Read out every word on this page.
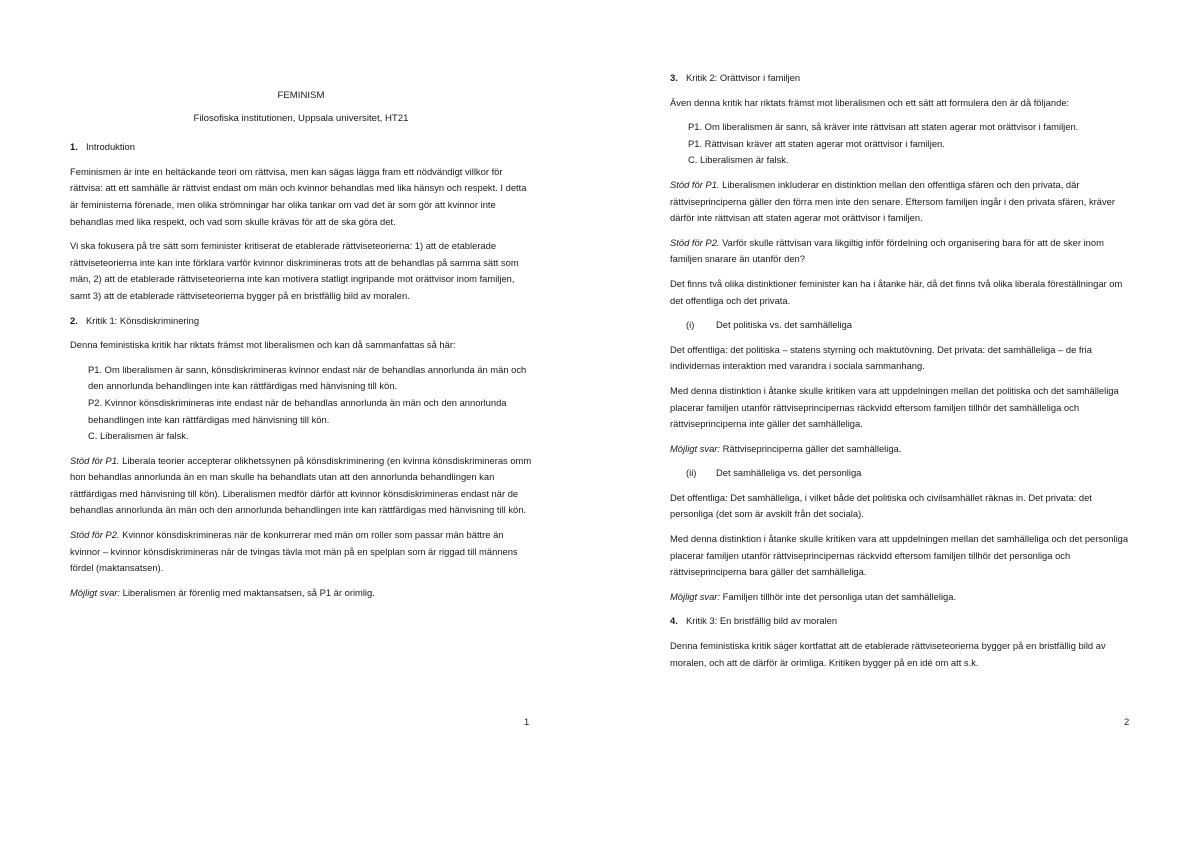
FEMINISM

Filosofiska institutionen, Uppsala universitet, HT21

1. Introduktion

Feminismen är inte en heltäckande teori om rättvisa, men kan sägas lägga fram ett nödvändigt villkor för rättvisa: att ett samhälle är rättvist endast om män och kvinnor behandlas med lika hänsyn och respekt. I detta är feministerna förenade, men olika strömningar har olika tankar om vad det är som gör att kvinnor inte behandlas med lika respekt, och vad som skulle krävas för att de ska göra det.

Vi ska fokusera på tre sätt som feminister kritiserat de etablerade rättviseteorierna: 1) att de etablerade rättviseteorierna inte kan inte förklara varför kvinnor diskrimineras trots att de behandlas på samma sätt som män, 2) att de etablerade rättviseteorierna inte kan motivera statligt ingripande mot orättvisor inom familjen, samt 3) att de etablerade rättviseteorierna bygger på en bristfällig bild av moralen.

2. Kritik 1: Könsdiskriminering

Denna feministiska kritik har riktats främst mot liberalismen och kan då sammanfattas så här:

P1. Om liberalismen är sann, könsdiskrimineras kvinnor endast när de behandlas annorlunda än män och den annorlunda behandlingen inte kan rättfärdigas med hänvisning till kön.
P2. Kvinnor könsdiskrimineras inte endast när de behandlas annorlunda än män och den annorlunda behandlingen inte kan rättfärdigas med hänvisning till kön.
C. Liberalismen är falsk.

Stöd för P1. Liberala teorier accepterar olikhetssynen på könsdiskriminering (en kvinna könsdiskrimineras omm hon behandlas annorlunda än en man skulle ha behandlats utan att den annorlunda behandlingen kan rättfärdigas med hänvisning till kön). Liberalismen medför därför att kvinnor könsdiskrimineras endast när de behandlas annorlunda än män och den annorlunda behandlingen inte kan rättfärdigas med hänvisning till kön.

Stöd för P2. Kvinnor könsdiskrimineras när de konkurrerar med män om roller som passar män bättre än kvinnor – kvinnor könsdiskrimineras när de tvingas tävla mot män på en spelplan som är riggad till männens fördel (maktansatsen).

Möjligt svar: Liberalismen är förenlig med maktansatsen, så P1 är orimlig.

1

3. Kritik 2: Orättvisor i familjen

Även denna kritik har riktats främst mot liberalismen och ett sätt att formulera den är då följande:

P1. Om liberalismen är sann, så kräver inte rättvisan att staten agerar mot orättvisor i familjen.
P1. Rättvisan kräver att staten agerar mot orättvisor i familjen.
C. Liberalismen är falsk.

Stöd för P1. Liberalismen inkluderar en distinktion mellan den offentliga sfären och den privata, där rättviseprinciperna gäller den förra men inte den senare. Eftersom familjen ingår i den privata sfären, kräver därför inte rättvisan att staten agerar mot orättvisor i familjen.

Stöd för P2. Varför skulle rättvisan vara likgiltig inför fördelning och organisering bara för att de sker inom familjen snarare än utanför den?

Det finns två olika distinktioner feminister kan ha i åtanke här, då det finns två olika liberala föreställningar om det offentliga och det privata.

(i) Det politiska vs. det samhälleliga

Det offentliga: det politiska – statens styrning och maktutövning. Det privata: det samhälleliga – de fria individernas interaktion med varandra i sociala sammanhang.

Med denna distinktion i åtanke skulle kritiken vara att uppdelningen mellan det politiska och det samhälleliga placerar familjen utanför rättviseprincipernas räckvidd eftersom familjen tillhör det samhälleliga och rättviseprinciperna inte gäller det samhälleliga.

Möjligt svar: Rättviseprinciperna gäller det samhälleliga.

(ii) Det samhälleliga vs. det personliga

Det offentliga: Det samhälleliga, i vilket både det politiska och civilsamhället räknas in. Det privata: det personliga (det som är avskilt från det sociala).

Med denna distinktion i åtanke skulle kritiken vara att uppdelningen mellan det samhälleliga och det personliga placerar familjen utanför rättviseprincipernas räckvidd eftersom familjen tillhör det personliga och rättviseprinciperna bara gäller det samhälleliga.

Möjligt svar: Familjen tillhör inte det personliga utan det samhälleliga.

4. Kritik 3: En bristfällig bild av moralen

Denna feministiska kritik säger kortfattat att de etablerade rättviseteorierna bygger på en bristfällig bild av moralen, och att de därför är orimliga. Kritiken bygger på en idé om att s.k.

2
